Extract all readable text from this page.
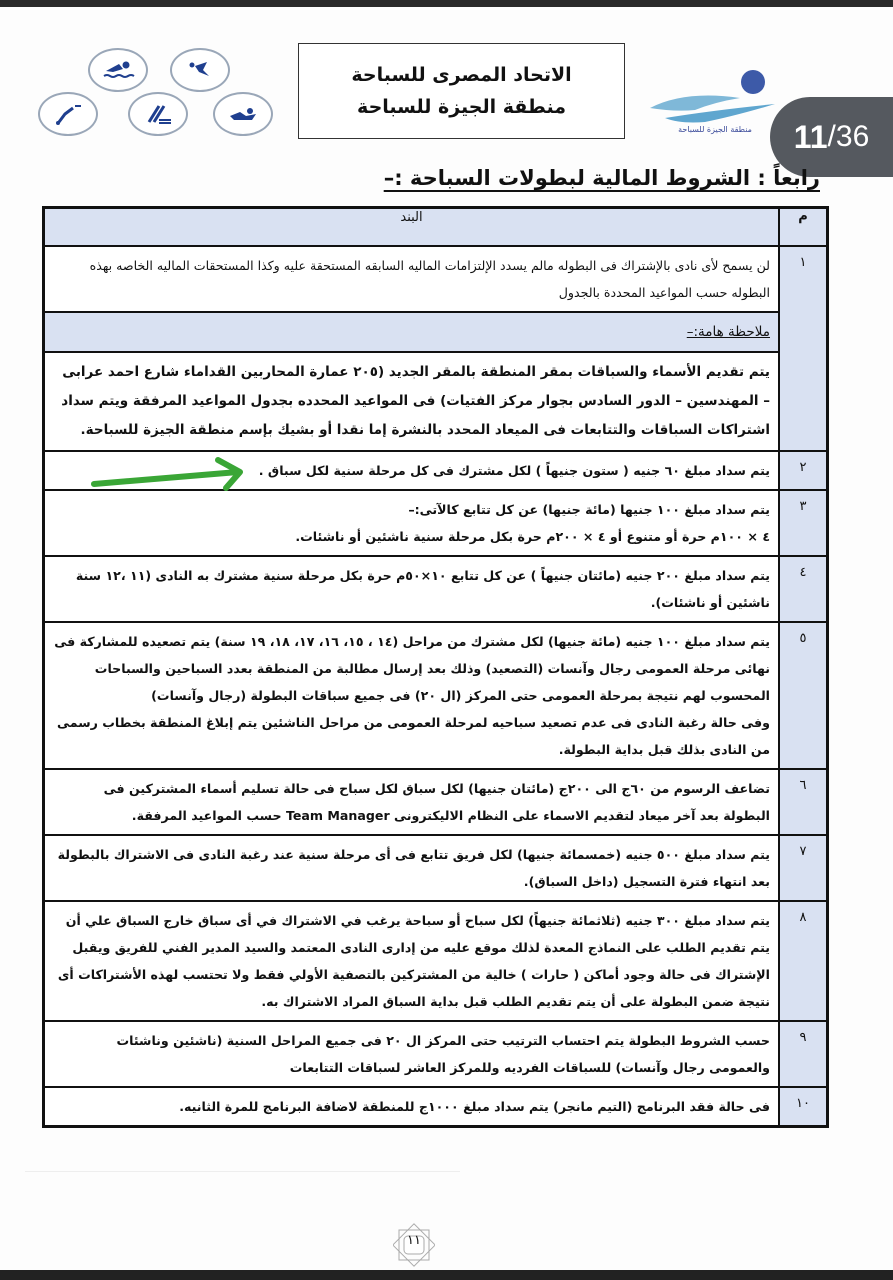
الاتحاد المصرى للسباحة
منطقة الجيزة للسباحة
منطقة الجيزة للسباحة 11 /36
رابعاً : الشروط المالية لبطولات السباحة :–
م	البند
١	لن يسمح لأى نادى بالإشتراك فى البطوله مالم يسدد الإلتزامات الماليه السابقه المستحقة عليه وكذا المستحقات الماليه الخاصه بهذه البطوله حسب المواعيد المحددة بالجدول
	ملاحظة هامة:–
	يتم تقديم الأسماء والسباقات بمقر المنطقة بالمقر الجديد (٢٠٥ عمارة المحاربين القداماء شارع احمد عرابى – المهندسين – الدور السادس بجوار مركز الفتيات) فى المواعيد المحدده بجدول المواعيد المرفقة ويتم سداد اشتراكات السباقات والتتابعات فى الميعاد المحدد بالنشرة إما نقدا أو بشيك بإسم منطقة الجيزة للسباحة.
٢	يتم سداد مبلغ ٦٠ جنيه ( ستون جنيهاً ) لكل مشترك فى كل مرحلة سنية لكل سباق .
٣	يتم سداد مبلغ ١٠٠ جنيها (مائة جنيها) عن كل تتابع كالآتى:–
٤ × ١٠٠م حرة أو متنوع أو ٤ × ٢٠٠م حرة بكل مرحلة سنية ناشئين أو ناشئات.

٤	يتم سداد مبلغ ٢٠٠ جنيه (مائتان جنيهاً ) عن كل تتابع ١٠×٥٠م حرة بكل مرحلة سنية مشترك به النادى (١١ ،١٢ سنة ناشئين أو ناشئات).
٥	يتم سداد مبلغ ١٠٠ جنيه (مائة جنيها) لكل مشترك من مراحل (١٤ ، ١٥، ١٦، ١٧، ١٨، ١٩ سنة) يتم تصعيده للمشاركة فى نهائى مرحلة العمومى رجال وآنسات (التصعيد) وذلك بعد إرسال مطالبة من المنطقة بعدد السباحين والسباحات المحسوب لهم نتيجة بمرحلة العمومى حتى المركز (ال ٢٠) فى جميع سباقات البطولة (رجال وآنسات)
وفى حالة رغبة النادى فى عدم تصعيد سباحيه لمرحلة العمومى من مراحل الناشئين يتم إبلاغ المنطقة بخطاب رسمى من النادى بذلك قبل بداية البطولة.

٦	تضاعف الرسوم من ٦٠ج الى ٢٠٠ج (مائتان جنيها) لكل سباق لكل سباح فى حالة تسليم أسماء المشتركين فى البطولة بعد آخر ميعاد لتقديم الاسماء على النظام الاليكترونى Team Manager حسب المواعيد المرفقة.
٧	يتم سداد مبلغ ٥٠٠ جنيه (خمسمائة جنيها) لكل فريق تتابع فى أى مرحلة سنية عند رغبة النادى فى الاشتراك بالبطولة بعد انتهاء فترة التسجيل (داخل السباق).
٨	يتم سداد مبلغ ٣٠٠ جنيه (ثلاثمائة جنيهاً) لكل سباح أو سباحة يرغب في الاشتراك في أى سباق خارج السباق علي أن يتم تقديم الطلب على النماذج المعدة لذلك موقع عليه من إدارى النادى المعتمد والسيد المدير الفني للفريق ويقبل الإشتراك فى حالة وجود أماكن ( حارات ) خالية من المشتركين بالتصفية الأولي فقط ولا تحتسب لهذه الأشتراكات أى نتيجة ضمن البطولة على أن يتم تقديم الطلب قبل بداية السباق المراد الاشتراك به.
٩	حسب الشروط البطولة يتم احتساب الترتيب حتى المركز ال ٢٠ فى جميع المراحل السنية (ناشئين وناشئات والعمومى رجال وآنسات) للسباقات الفرديه وللمركز العاشر لسباقات التتابعات
١٠	فى حالة فقد البرنامج (التيم مانجر) يتم سداد مبلغ ١٠٠٠ج للمنطقة لاضافة البرنامج للمرة الثانيه.
١١
